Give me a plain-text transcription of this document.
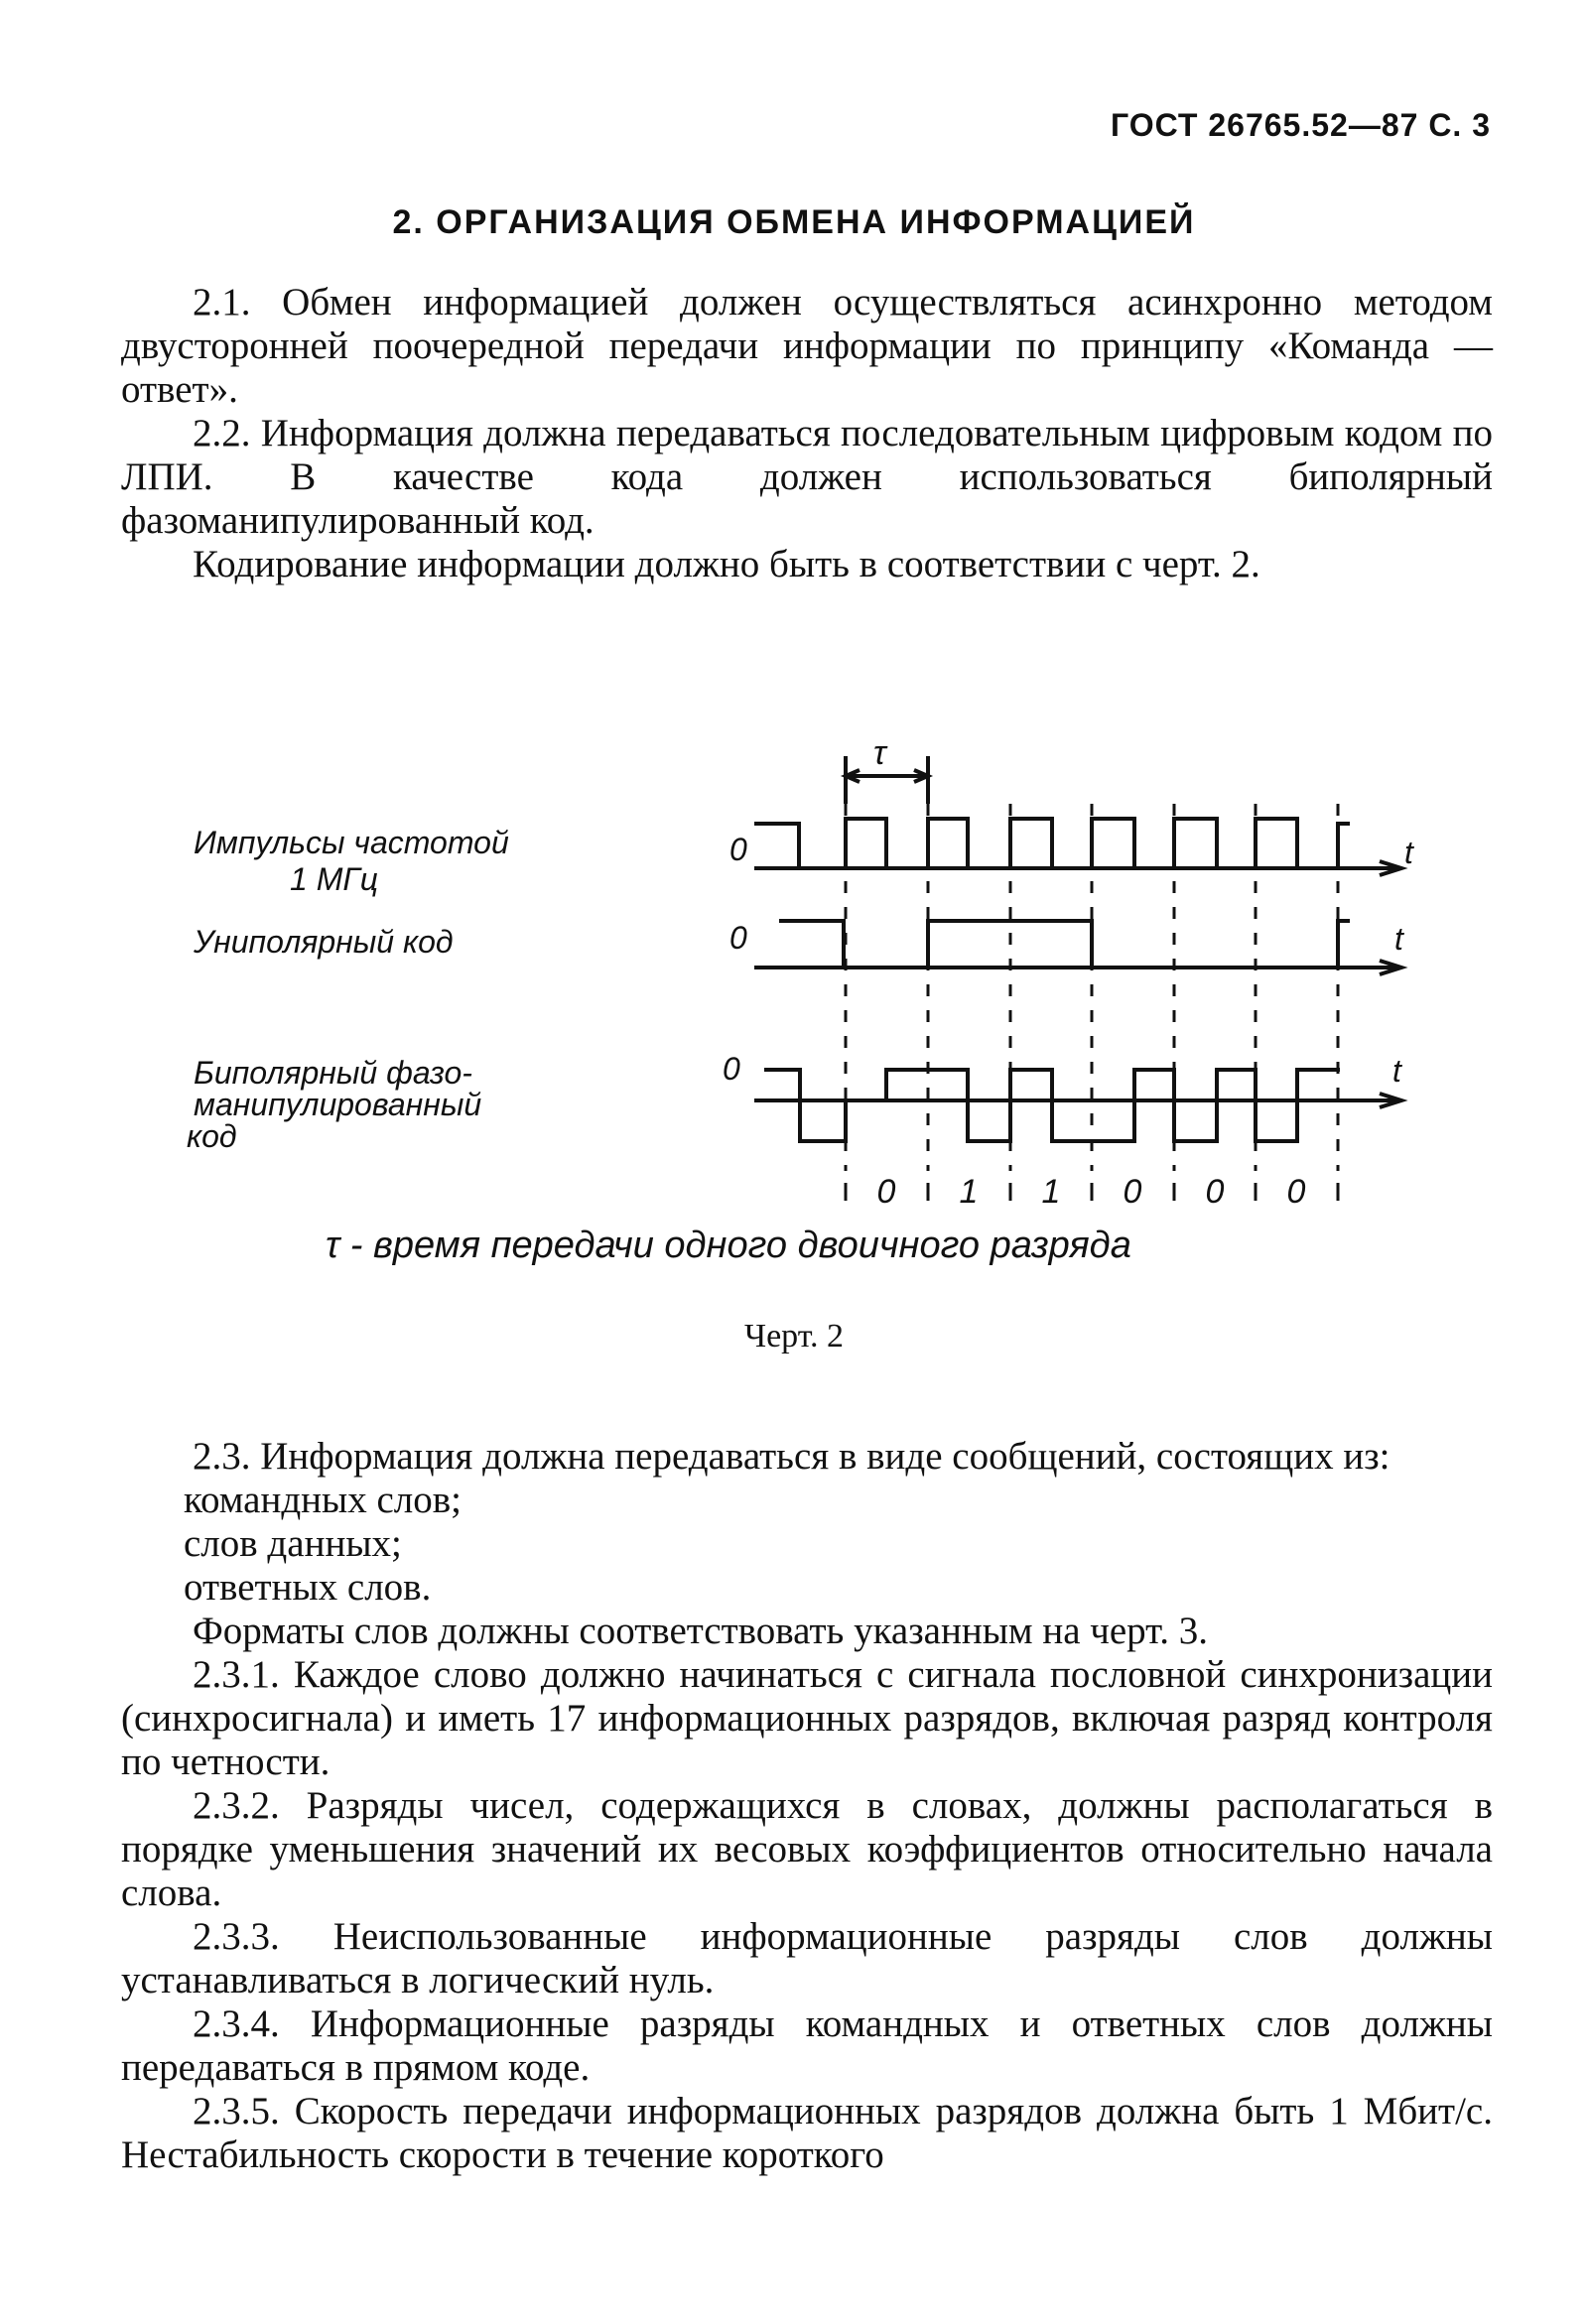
ГОСТ 26765.52—87 С. 3
2. ОРГАНИЗАЦИЯ ОБМЕНА ИНФОРМАЦИЕЙ

2.1. Обмен информацией должен осуществляться асинхронно методом двусторонней поочередной передачи информации по принципу «Команда — ответ».

2.2. Информация должна передаваться последовательным цифровым кодом по ЛПИ. В качестве кода должен использоваться биполярный фазоманипулированный код.

Кодирование информации должно быть в соответствии с черт. 2.

Импульсы частотой
1 МГц
Униполярный код
Биполярный фазо-
манипулированный
код
0
0
0
t
t
t
τ
τ - время передачи одного двоичного разряда
0 1 1 0 0 0
Черт. 2

2.3. Информация должна передаваться в виде сообщений, состоящих из:

командных слов;

слов данных;

ответных слов.

Форматы слов должны соответствовать указанным на черт. 3.

2.3.1. Каждое слово должно начинаться с сигнала пословной синхронизации (синхросигнала) и иметь 17 информационных разрядов, включая разряд контроля по четности.

2.3.2. Разряды чисел, содержащихся в словах, должны располагаться в порядке уменьшения значений их весовых коэффициентов относительно начала слова.

2.3.3. Неиспользованные информационные разряды слов должны устанавливаться в логический нуль.

2.3.4. Информационные разряды командных и ответных слов должны передаваться в прямом коде.

2.3.5. Скорость передачи информационных разрядов должна быть 1 Мбит/с. Нестабильность скорости в течение короткого
